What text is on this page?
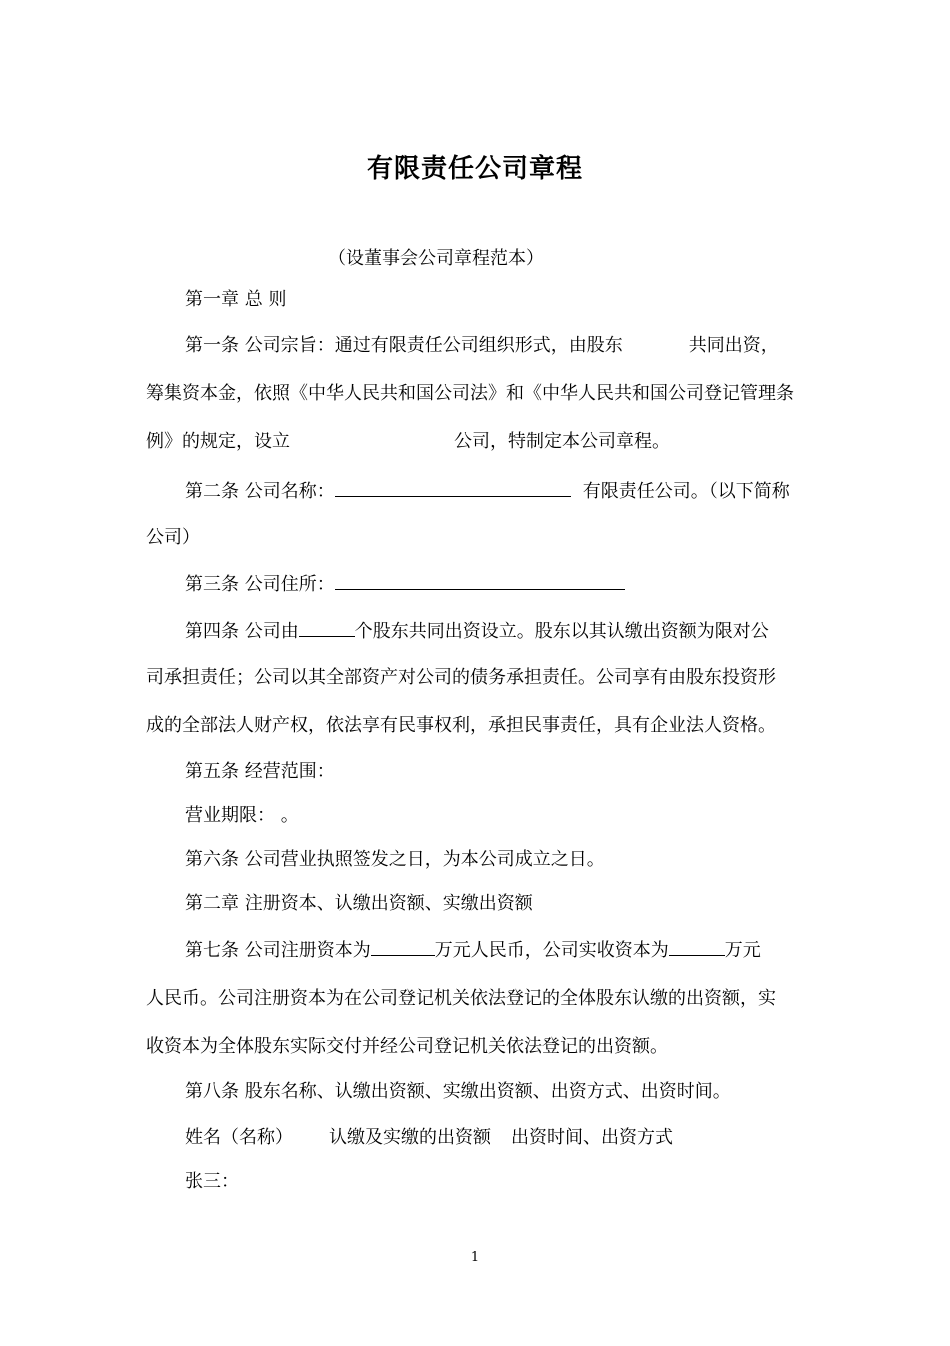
有限责任公司章程
（设董事会公司章程范本）
第一章 总 则
第一条 公司宗旨：通过有限责任公司组织形式，由股东	共同出资，
筹集资本金，依照《中华人民共和国公司法》和《中华人民共和国公司登记管理条
例》的规定，设立	公司，特制定本公司章程。
第二条 公司名称：	有限责任公司。（以下简称
公司）
第三条 公司住所：
第四条 公司由	个股东共同出资设立。股东以其认缴出资额为限对公
司承担责任；公司以其全部资产对公司的债务承担责任。公司享有由股东投资形
成的全部法人财产权，依法享有民事权利，承担民事责任，具有企业法人资格。
第五条 经营范围：
营业期限： 。
第六条 公司营业执照签发之日，为本公司成立之日。
第二章 注册资本、认缴出资额、实缴出资额
第七条 公司注册资本为	万元人民币，公司实收资本为	万元
人民币。公司注册资本为在公司登记机关依法登记的全体股东认缴的出资额，实
收资本为全体股东实际交付并经公司登记机关依法登记的出资额。
第八条 股东名称、认缴出资额、实缴出资额、出资方式、出资时间。
姓名（名称） 认缴及实缴的出资额 出资时间、出资方式
张三：
1
